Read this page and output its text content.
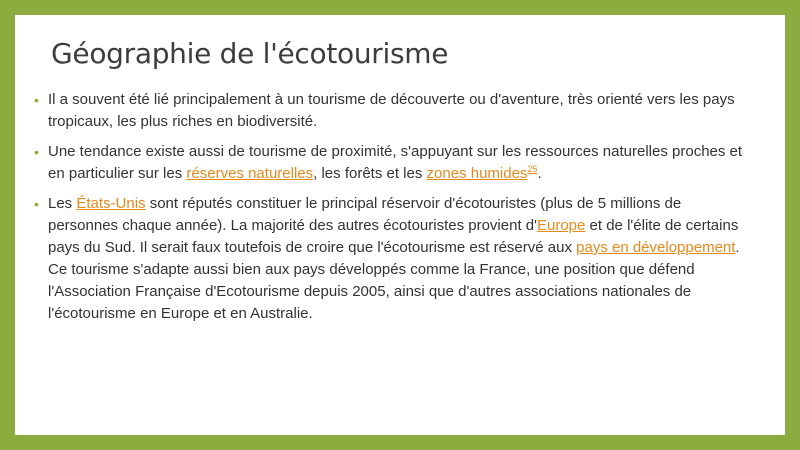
Géographie de l'écotourisme
• Il a souvent été lié principalement à un tourisme de découverte ou d'aventure, très orienté vers les pays tropicaux, les plus riches en biodiversité.
• Une tendance existe aussi de tourisme de proximité, s'appuyant sur les ressources naturelles proches et en particulier sur les réserves naturelles, les forêts et les zones humides$^{25}$.
• Les États-Unis sont réputés constituer le principal réservoir d'écotouristes (plus de 5 millions de personnes chaque année). La majorité des autres écotouristes provient d'Europe et de l'élite de certains pays du Sud. Il serait faux toutefois de croire que l'écotourisme est réservé aux pays en développement. Ce tourisme s'adapte aussi bien aux pays développés comme la France, une position que défend l'Association Française d'Ecotourisme depuis 2005, ainsi que d'autres associations nationales de l'écotourisme en Europe et en Australie.
